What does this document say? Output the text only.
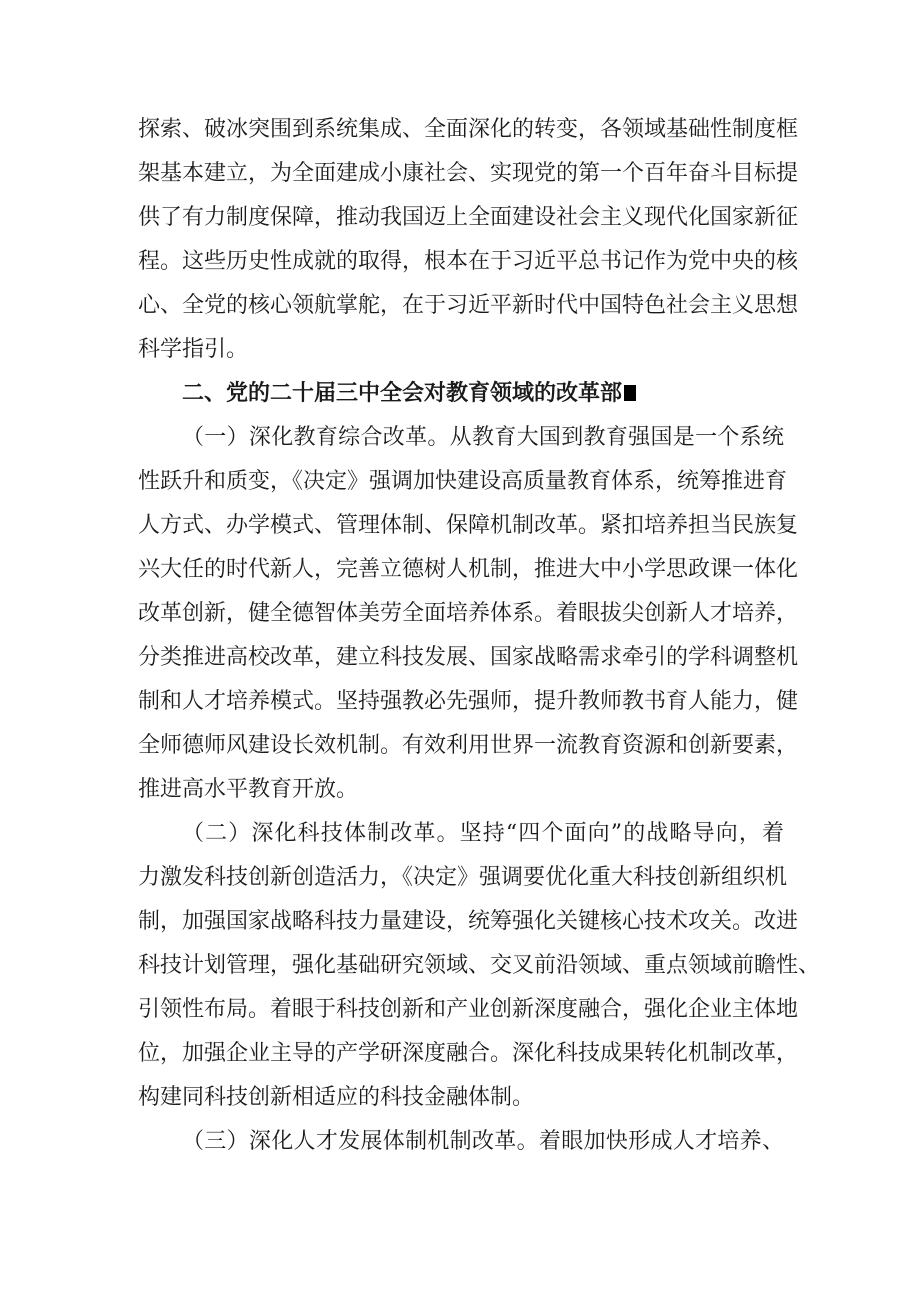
探索、破冰突围到系统集成、全面深化的转变，各领域基础性制度框
架基本建立，为全面建成小康社会、实现党的第一个百年奋斗目标提
供了有力制度保障，推动我国迈上全面建设社会主义现代化国家新征
程。这些历史性成就的取得，根本在于习近平总书记作为党中央的核
心、全党的核心领航掌舵，在于习近平新时代中国特色社会主义思想
科学指引。
二、党的二十届三中全会对教育领域的改革部
（一）深化教育综合改革。从教育大国到教育强国是一个系统
性跃升和质变，《决定》强调加快建设高质量教育体系，统筹推进育
人方式、办学模式、管理体制、保障机制改革。紧扣培养担当民族复
兴大任的时代新人，完善立德树人机制，推进大中小学思政课一体化
改革创新，健全德智体美劳全面培养体系。着眼拔尖创新人才培养，
分类推进高校改革，建立科技发展、国家战略需求牵引的学科调整机
制和人才培养模式。坚持强教必先强师，提升教师教书育人能力，健
全师德师风建设长效机制。有效利用世界一流教育资源和创新要素，
推进高水平教育开放。
（二）深化科技体制改革。坚持“四个面向”的战略导向，着
力激发科技创新创造活力，《决定》强调要优化重大科技创新组织机
制，加强国家战略科技力量建设，统筹强化关键核心技术攻关。改进
科技计划管理，强化基础研究领域、交叉前沿领域、重点领域前瞻性、
引领性布局。着眼于科技创新和产业创新深度融合，强化企业主体地
位，加强企业主导的产学研深度融合。深化科技成果转化机制改革，
构建同科技创新相适应的科技金融体制。
（三）深化人才发展体制机制改革。着眼加快形成人才培养、
